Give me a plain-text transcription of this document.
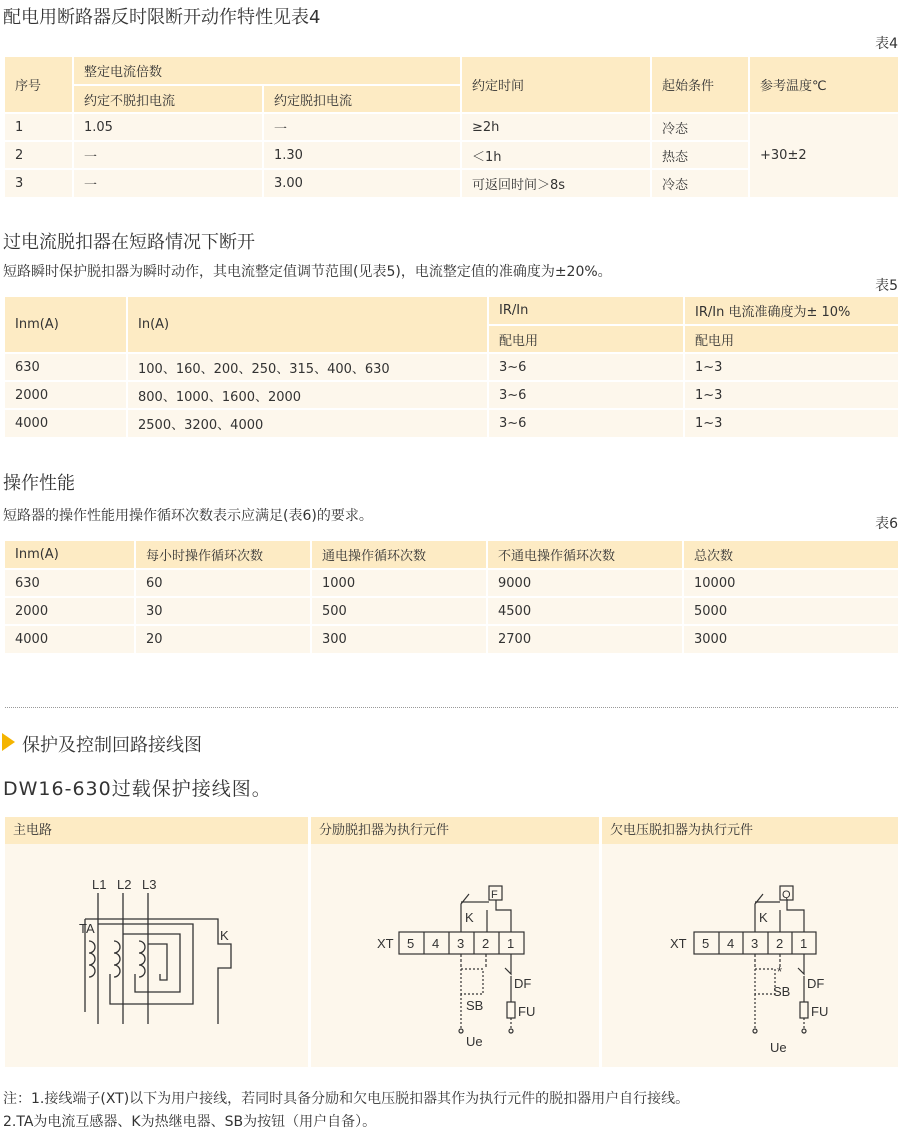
配电用断路器反时限断开动作特性见表4
表4
序号	整定电流倍数		约定时间	起始条件	参考温度℃
	约定不脱扣电流	约定脱扣电流			
1	1.05	一	≥2h	冷态	+30±2
2	一	1.30	＜1h	热态	
3	一	3.00	可返回时间＞8s	冷态	
过电流脱扣器在短路情况下断开
短路瞬时保护脱扣器为瞬时动作，其电流整定值调节范围(见表5)，电流整定值的准确度为±20%。
表5
Inm(A)	In(A)	IR/In	IR/In 电流准确度为± 10%
		配电用	配电用
630	100、160、200、250、315、400、630	3~6	1~3
2000	800、1000、1600、2000	3~6	1~3
4000	2500、3200、4000	3~6	1~3
操作性能
短路器的操作性能用操作循环次数表示应满足(表6)的要求。	表6
Inm(A)	每小时操作循环次数	通电操作循环次数	不通电操作循环次数	总次数
630	60	1000	9000	10000
2000	30	500	4500	5000
4000	20	300	2700	3000
保护及控制回路接线图
DW16-630过载保护接线图。
主电路
L1 L2 L3
TA	K
分励脱扣器为执行元件
XT 5 4 3 2 1
K
F
SB
DF
FU
Ue
欠电压脱扣器为执行元件
XT 5 4 3 2 1
K
Q
*
SB
DF
FU
Ue
注：1.接线端子(XT)以下为用户接线，若同时具备分励和欠电压脱扣器其作为执行元件的脱扣器用户自行接线。
2.TA为电流互感器、K为热继电器、SB为按钮（用户自备）。
